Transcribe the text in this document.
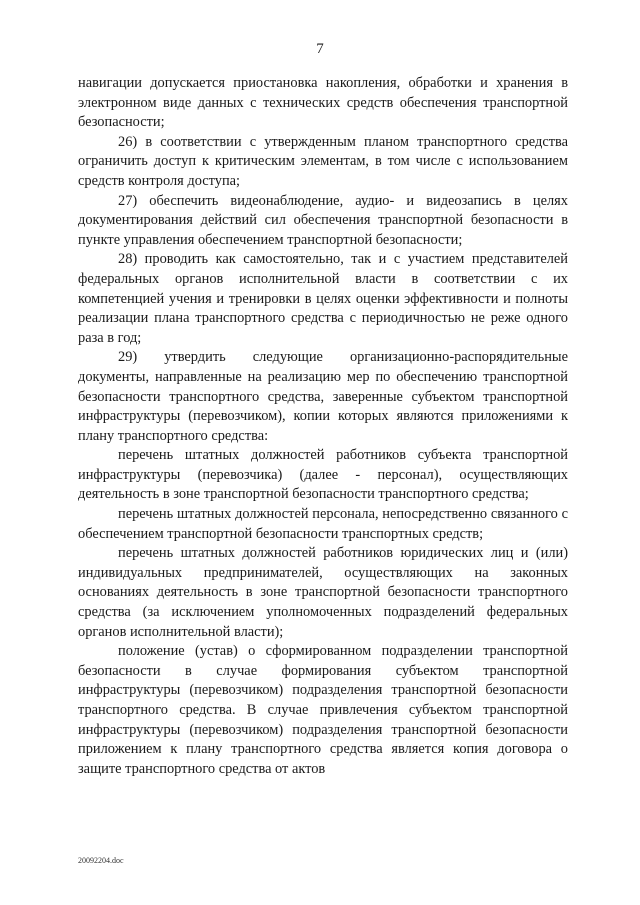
7

навигации допускается приостановка накопления, обработки и хранения в электронном виде данных с технических средств обеспечения транспортной безопасности;

26) в соответствии с утвержденным планом транспортного средства ограничить доступ к критическим элементам, в том числе с использованием средств контроля доступа;

27) обеспечить видеонаблюдение, аудио- и видеозапись в целях документирования действий сил обеспечения транспортной безопасности в пункте управления обеспечением транспортной безопасности;

28) проводить как самостоятельно, так и с участием представителей федеральных органов исполнительной власти в соответствии с их компетенцией учения и тренировки в целях оценки эффективности и полноты реализации плана транспортного средства с периодичностью не реже одного раза в год;

29) утвердить следующие организационно-распорядительные документы, направленные на реализацию мер по обеспечению транспортной безопасности транспортного средства, заверенные субъектом транспортной инфраструктуры (перевозчиком), копии которых являются приложениями к плану транспортного средства:

перечень штатных должностей работников субъекта транспортной инфраструктуры (перевозчика) (далее - персонал), осуществляющих деятельность в зоне транспортной безопасности транспортного средства;

перечень штатных должностей персонала, непосредственно связанного с обеспечением транспортной безопасности транспортных средств;

перечень штатных должностей работников юридических лиц и (или) индивидуальных предпринимателей, осуществляющих на законных основаниях деятельность в зоне транспортной безопасности транспортного средства (за исключением уполномоченных подразделений федеральных органов исполнительной власти);

положение (устав) о сформированном подразделении транспортной безопасности в случае формирования субъектом транспортной инфраструктуры (перевозчиком) подразделения транспортной безопасности транспортного средства. В случае привлечения субъектом транспортной инфраструктуры (перевозчиком) подразделения транспортной безопасности приложением к плану транспортного средства является копия договора о защите транспортного средства от актов

20092204.doc
